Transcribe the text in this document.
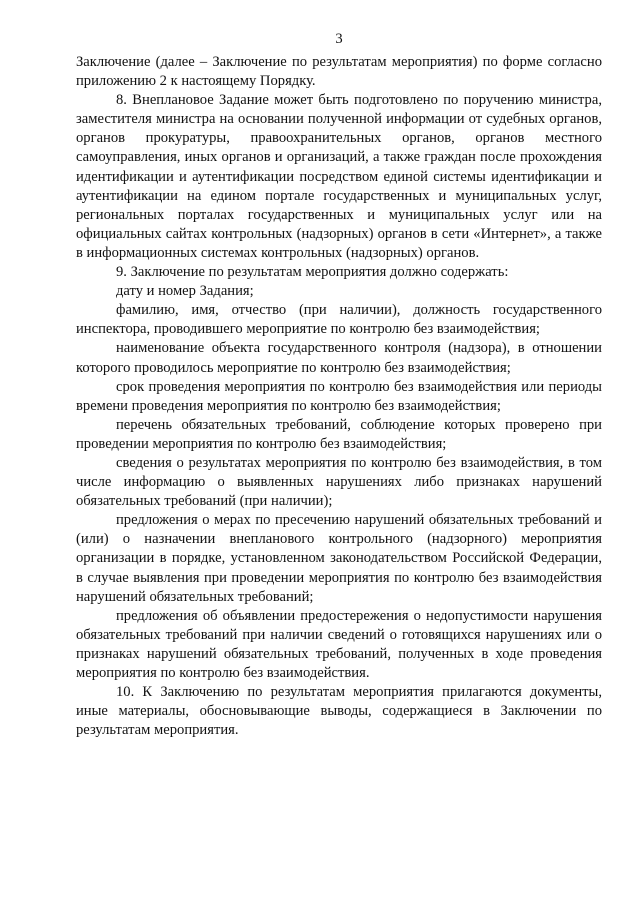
3

Заключение (далее – Заключение по результатам мероприятия) по форме согласно приложению 2 к настоящему Порядку.

8. Внеплановое Задание может быть подготовлено по поручению министра, заместителя министра на основании полученной информации от судебных органов, органов прокуратуры, правоохранительных органов, органов местного самоуправления, иных органов и организаций, а также граждан после прохождения идентификации и аутентификации посредством единой системы идентификации и аутентификации на едином портале государственных и муниципальных услуг, региональных порталах государственных и муниципальных услуг или на официальных сайтах контрольных (надзорных) органов в сети «Интернет», а также в информационных системах контрольных (надзорных) органов.

9. Заключение по результатам мероприятия должно содержать:

дату и номер Задания;

фамилию, имя, отчество (при наличии), должность государственного инспектора, проводившего мероприятие по контролю без взаимодействия;

наименование объекта государственного контроля (надзора), в отношении которого проводилось мероприятие по контролю без взаимодействия;

срок проведения мероприятия по контролю без взаимодействия или периоды времени проведения мероприятия по контролю без взаимодействия;

перечень обязательных требований, соблюдение которых проверено при проведении мероприятия по контролю без взаимодействия;

сведения о результатах мероприятия по контролю без взаимодействия, в том числе информацию о выявленных нарушениях либо признаках нарушений обязательных требований (при наличии);

предложения о мерах по пресечению нарушений обязательных требований и (или) о назначении внепланового контрольного (надзорного) мероприятия организации в порядке, установленном законодательством Российской Федерации, в случае выявления при проведении мероприятия по контролю без взаимодействия нарушений обязательных требований;

предложения об объявлении предостережения о недопустимости нарушения обязательных требований при наличии сведений о готовящихся нарушениях или о признаках нарушений обязательных требований, полученных в ходе проведения мероприятия по контролю без взаимодействия.

10. К Заключению по результатам мероприятия прилагаются документы, иные материалы, обосновывающие выводы, содержащиеся в Заключении по результатам мероприятия.
